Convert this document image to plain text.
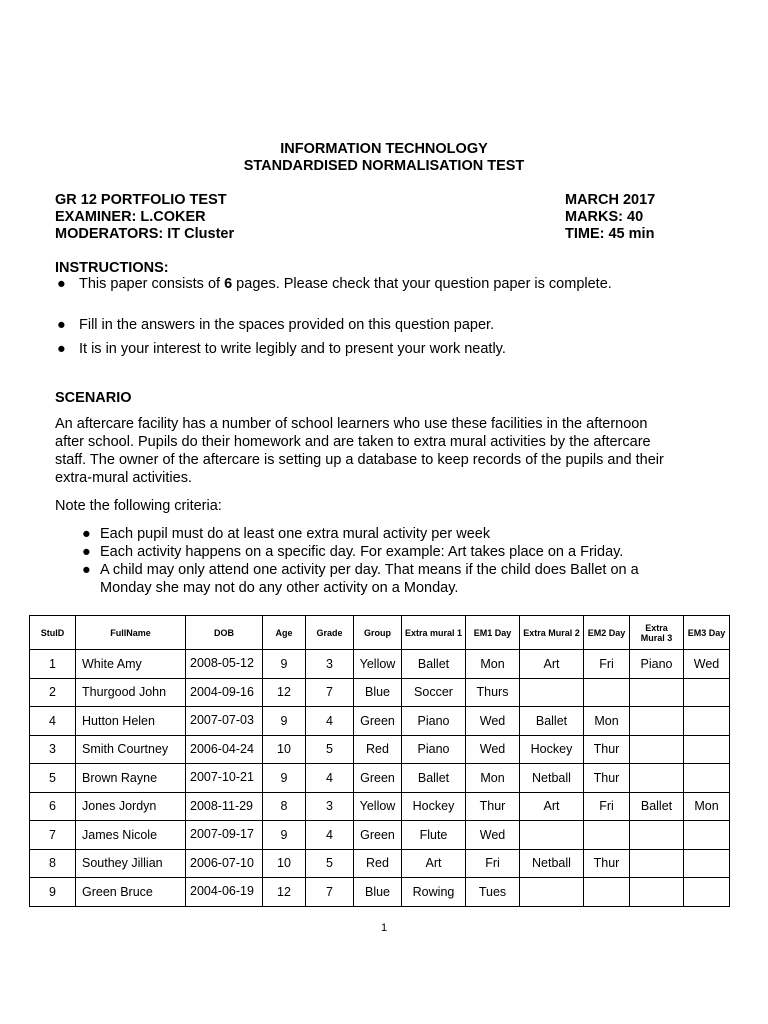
INFORMATION TECHNOLOGY
STANDARDISED NORMALISATION TEST
GR 12 PORTFOLIO TEST
EXAMINER: L.COKER
MODERATORS: IT Cluster
MARCH 2017
MARKS: 40
TIME: 45 min
INSTRUCTIONS:

● This paper consists of 6 pages. Please check that your question paper is complete.

● Fill in the answers in the spaces provided on this question paper.

● It is in your interest to write legibly and to present your work neatly.

SCENARIO
An aftercare facility has a number of school learners who use these facilities in the afternoon after school. Pupils do their homework and are taken to extra mural activities by the aftercare staff. The owner of the aftercare is setting up a database to keep records of the pupils and their extra-mural activities.
Note the following criteria:

● Each pupil must do at least one extra mural activity per week

● Each activity happens on a specific day. For example: Art takes place on a Friday.

● A child may only attend one activity per day. That means if the child does Ballet on a Monday she may not do any other activity on a Monday.

StuID	FullName	DOB	Age	Grade	Group	Extra mural 1	EM1 Day	Extra Mural 2	EM2 Day	Extra Mural 3	EM3 Day
1	White Amy	2008-05-12	9	3	Yellow	Ballet	Mon	Art	Fri	Piano	Wed
2	Thurgood John	2004-09-16	12	7	Blue	Soccer	Thurs				
4	Hutton Helen	2007-07-03	9	4	Green	Piano	Wed	Ballet	Mon		
3	Smith Courtney	2006-04-24	10	5	Red	Piano	Wed	Hockey	Thur		
5	Brown Rayne	2007-10-21	9	4	Green	Ballet	Mon	Netball	Thur		
6	Jones Jordyn	2008-11-29	8	3	Yellow	Hockey	Thur	Art	Fri	Ballet	Mon
7	James Nicole	2007-09-17	9	4	Green	Flute	Wed				
8	Southey Jillian	2006-07-10	10	5	Red	Art	Fri	Netball	Thur		
9	Green Bruce	2004-06-19	12	7	Blue	Rowing	Tues				
1
